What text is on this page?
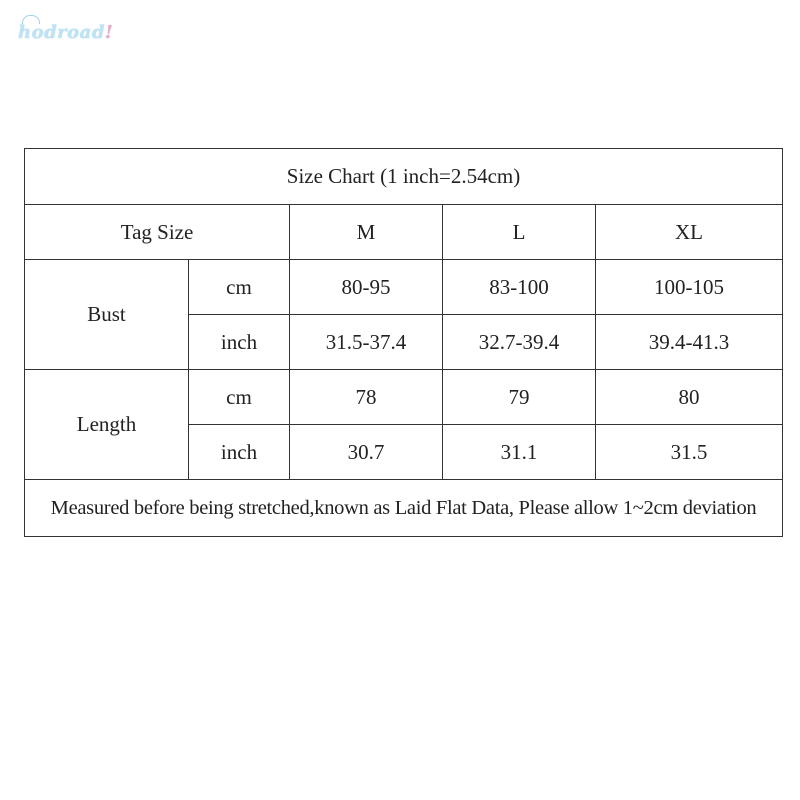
hodroad!
Size Chart (1 inch=2.54cm)				
Tag Size		M	L	XL
Bust	cm	80-95	83-100	100-105
	inch	31.5-37.4	32.7-39.4	39.4-41.3
Length	cm	78	79	80
	inch	30.7	31.1	31.5
Measured before being stretched,known as Laid Flat Data, Please allow 1~2cm deviation				
